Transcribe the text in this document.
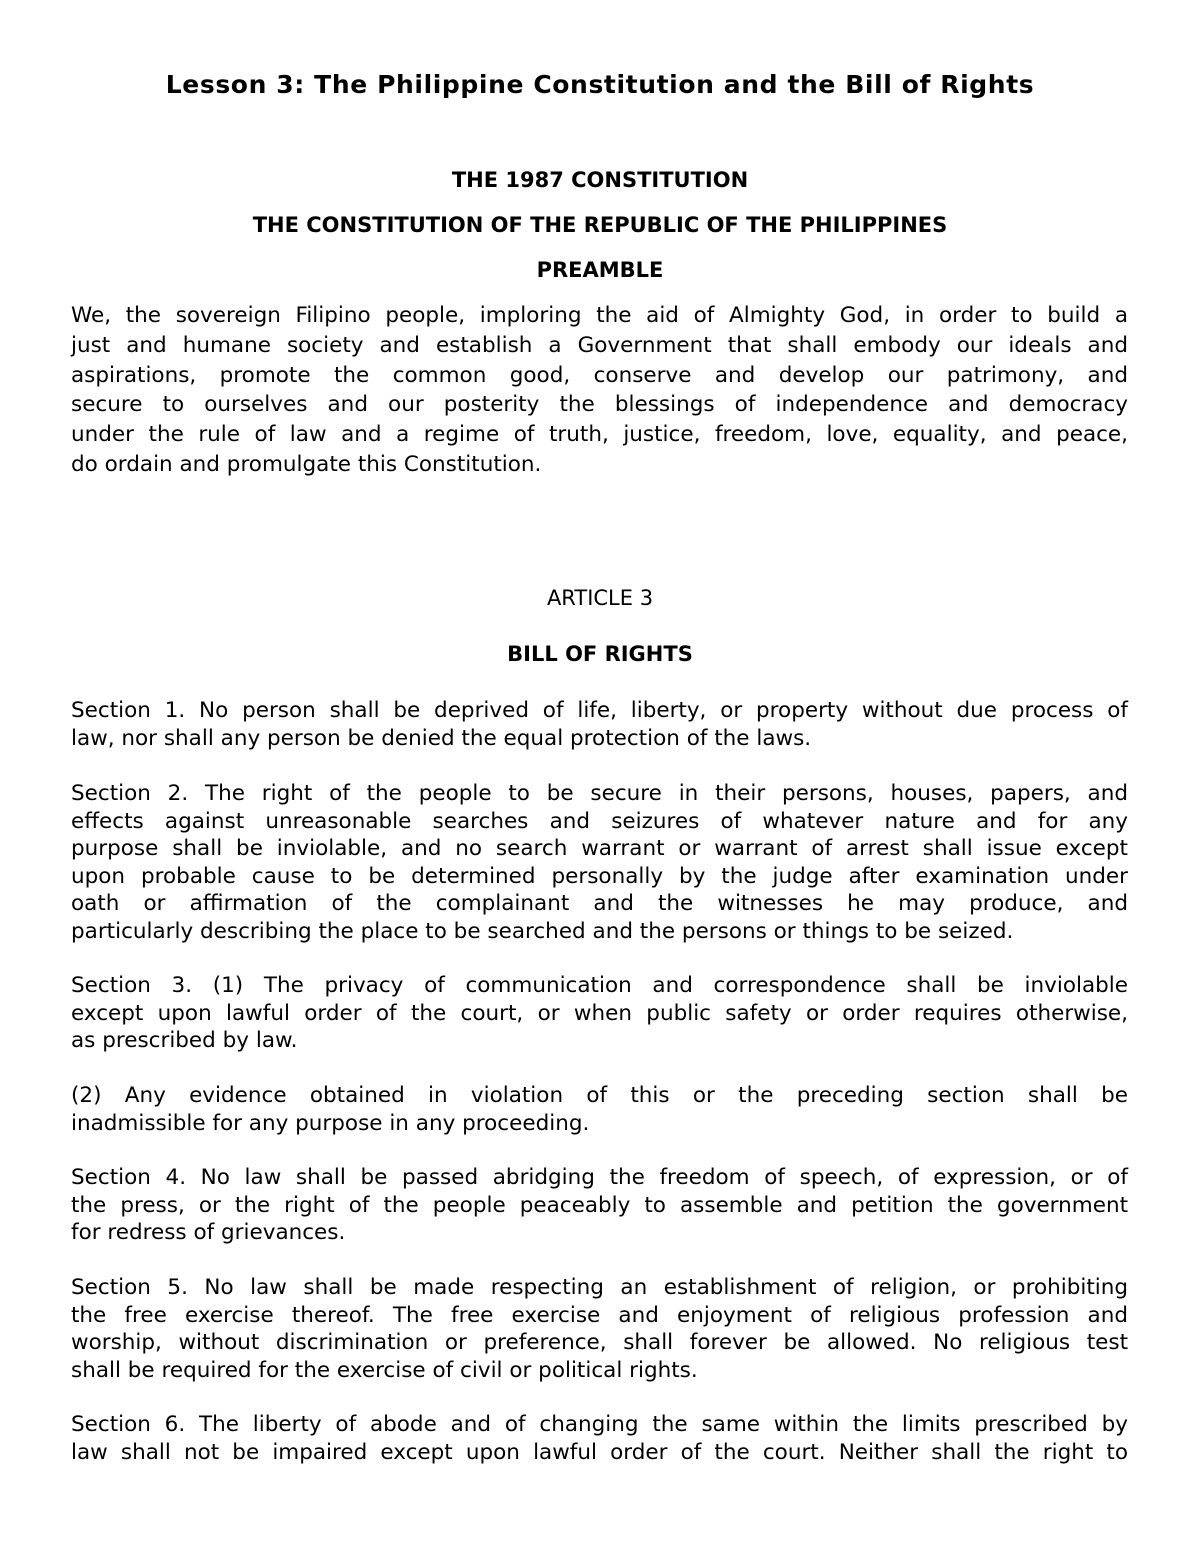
Lesson 3: The Philippine Constitution and the Bill of Rights
THE 1987 CONSTITUTION
THE CONSTITUTION OF THE REPUBLIC OF THE PHILIPPINES
PREAMBLE
We, the sovereign Filipino people, imploring the aid of Almighty God, in order to build a
just and humane society and establish a Government that shall embody our ideals and
aspirations, promote the common good, conserve and develop our patrimony, and
secure to ourselves and our posterity the blessings of independence and democracy
under the rule of law and a regime of truth, justice, freedom, love, equality, and peace,
do ordain and promulgate this Constitution.
ARTICLE 3
BILL OF RIGHTS
Section 1. No person shall be deprived of life, liberty, or property without due process of
law, nor shall any person be denied the equal protection of the laws.
Section 2. The right of the people to be secure in their persons, houses, papers, and
effects against unreasonable searches and seizures of whatever nature and for any
purpose shall be inviolable, and no search warrant or warrant of arrest shall issue except
upon probable cause to be determined personally by the judge after examination under
oath or affirmation of the complainant and the witnesses he may produce, and
particularly describing the place to be searched and the persons or things to be seized.
Section 3. (1) The privacy of communication and correspondence shall be inviolable
except upon lawful order of the court, or when public safety or order requires otherwise,
as prescribed by law.
(2) Any evidence obtained in violation of this or the preceding section shall be
inadmissible for any purpose in any proceeding.
Section 4. No law shall be passed abridging the freedom of speech, of expression, or of
the press, or the right of the people peaceably to assemble and petition the government
for redress of grievances.
Section 5. No law shall be made respecting an establishment of religion, or prohibiting
the free exercise thereof. The free exercise and enjoyment of religious profession and
worship, without discrimination or preference, shall forever be allowed. No religious test
shall be required for the exercise of civil or political rights.
Section 6. The liberty of abode and of changing the same within the limits prescribed by
law shall not be impaired except upon lawful order of the court. Neither shall the right to
